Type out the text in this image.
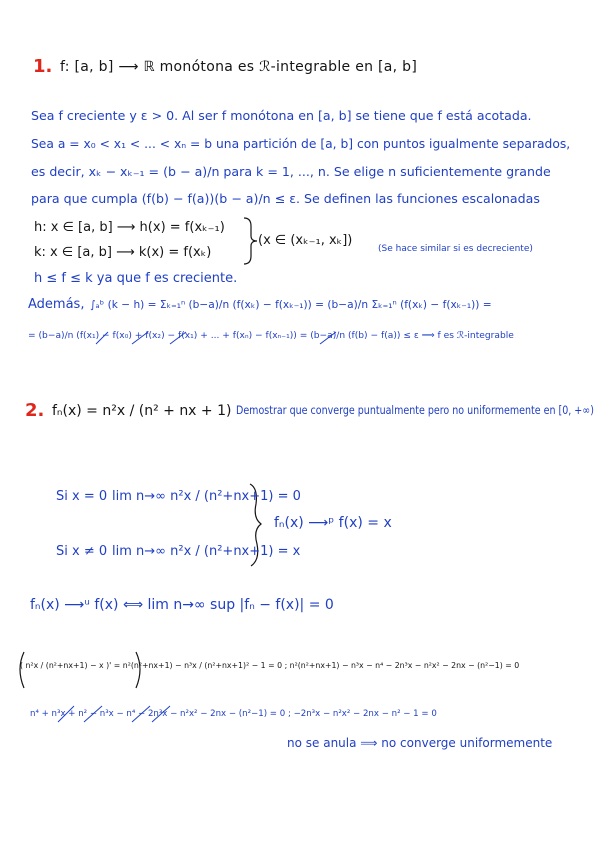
1. f: [a, b] ⟶ ℝ monótona es ℛ-integrable en [a, b]
Sea f creciente y ε > 0. Al ser f monótona en [a, b] se tiene que f está acotada.
Sea a = x₀ < x₁ < ... < xₙ = b una partición de [a, b] con puntos igualmente separados,
es decir, xₖ − xₖ₋₁ = (b − a)/n para k = 1, ..., n. Se elige n suficientemente grande
para que cumpla (f(b) − f(a))(b − a)/n ≤ ε. Se definen las funciones escalonadas
h: x ∈ [a, b] ⟶ h(x) = f(xₖ₋₁)
k: x ∈ [a, b] ⟶ k(x) = f(xₖ)
(x ∈ (xₖ₋₁, xₖ])
(Se hace similar si es decreciente)
h ≤ f ≤ k ya que f es creciente.
Además, ∫ₐᵇ (k − h) = Σₖ₌₁ⁿ (b−a)/n (f(xₖ) − f(xₖ₋₁)) = (b−a)/n Σₖ₌₁ⁿ (f(xₖ) − f(xₖ₋₁)) =
= (b−a)/n (f(x₁) − f(x₀) + f(x₂) − f(x₁) + ... + f(xₙ) − f(xₙ₋₁)) = (b−a)/n (f(b) − f(a)) ≤ ε ⟹ f es ℛ-integrable
2. fₙ(x) = n²x / (n² + nx + 1) Demostrar que converge puntualmente pero no uniformemente en [0, +∞)
Si x = 0 lim n→∞ n²x / (n²+nx+1) = 0
Si x ≠ 0 lim n→∞ n²x / (n²+nx+1) = x
fₙ(x) ⟶ᵖ f(x) = x
fₙ(x) ⟶ᵘ f(x) ⟺ lim n→∞ sup |fₙ − f(x)| = 0
( n²x / (n²+nx+1) − x )' = n²(n²+nx+1) − n³x / (n²+nx+1)² − 1 = 0 ; n²(n²+nx+1) − n³x − n⁴ − 2n³x − n²x² − 2nx − (n²−1) = 0
n⁴ + n³x + n² − n³x − n⁴ − 2n³x − n²x² − 2nx − (n²−1) = 0 ; −2n³x − n²x² − 2nx − n² − 1 = 0
no se anula ⟹ no converge uniformemente
